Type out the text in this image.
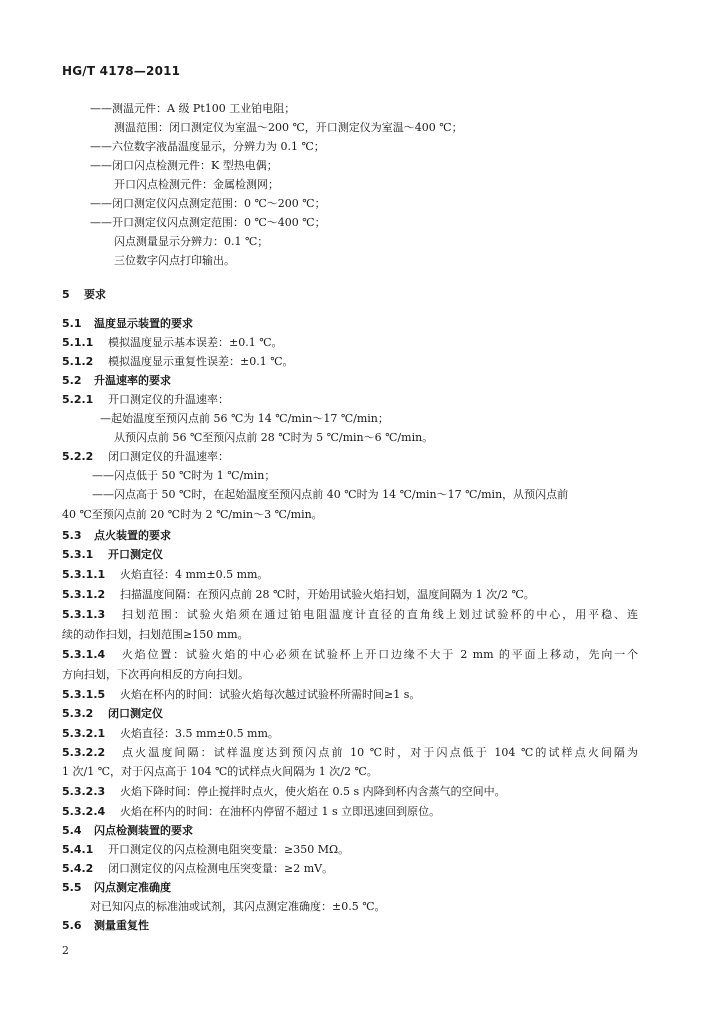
HG/T 4178—2011
——测温元件：A 级 Pt100 工业铂电阻；
测温范围：闭口测定仪为室温～200 ℃，开口测定仪为室温～400 ℃；
——六位数字液晶温度显示，分辨力为 0.1 ℃；
——闭口闪点检测元件：K 型热电偶；
开口闪点检测元件：金属检测网；
——闭口测定仪闪点测定范围：0 ℃～200 ℃；
——开口测定仪闪点测定范围：0 ℃～400 ℃；
闪点测量显示分辨力：0.1 ℃；
三位数字闪点打印输出。
5 要求
5.1 温度显示装置的要求
5.1.1 模拟温度显示基本误差：±0.1 ℃。
5.1.2 模拟温度显示重复性误差：±0.1 ℃。
5.2 升温速率的要求
5.2.1 开口测定仪的升温速率：
—起始温度至预闪点前 56 ℃为 14 ℃/min～17 ℃/min；
从预闪点前 56 ℃至预闪点前 28 ℃时为 5 ℃/min～6 ℃/min。
5.2.2 闭口测定仪的升温速率：
——闪点低于 50 ℃时为 1 ℃/min；
——闪点高于 50 ℃时，在起始温度至预闪点前 40 ℃时为 14 ℃/min～17 ℃/min，从预闪点前
40 ℃至预闪点前 20 ℃时为 2 ℃/min～3 ℃/min。
5.3 点火装置的要求
5.3.1 开口测定仪
5.3.1.1 火焰直径：4 mm±0.5 mm。
5.3.1.2 扫描温度间隔：在预闪点前 28 ℃时，开始用试验火焰扫划，温度间隔为 1 次/2 ℃。
5.3.1.3 扫划范围：试验火焰须在通过铂电阻温度计直径的直角线上划过试验杯的中心，用平稳、连
续的动作扫划，扫划范围≥150 mm。
5.3.1.4 火焰位置：试验火焰的中心必须在试验杯上开口边缘不大于 2 mm 的平面上移动，先向一个
方向扫划，下次再向相反的方向扫划。
5.3.1.5 火焰在杯内的时间：试验火焰每次越过试验杯所需时间≥1 s。
5.3.2 闭口测定仪
5.3.2.1 火焰直径：3.5 mm±0.5 mm。
5.3.2.2 点火温度间隔：试样温度达到预闪点前 10 ℃时，对于闪点低于 104 ℃的试样点火间隔为
1 次/1 ℃，对于闪点高于 104 ℃的试样点火间隔为 1 次/2 ℃。
5.3.2.3 火焰下降时间：停止搅拌时点火，使火焰在 0.5 s 内降到杯内含蒸气的空间中。
5.3.2.4 火焰在杯内的时间：在油杯内停留不超过 1 s 立即迅速回到原位。
5.4 闪点检测装置的要求
5.4.1 开口测定仪的闪点检测电阻突变量：≥350 MΩ。
5.4.2 闭口测定仪的闪点检测电压突变量：≥2 mV。
5.5 闪点测定准确度
对已知闪点的标准油或试剂，其闪点测定准确度：±0.5 ℃。
5.6 测量重复性
2
